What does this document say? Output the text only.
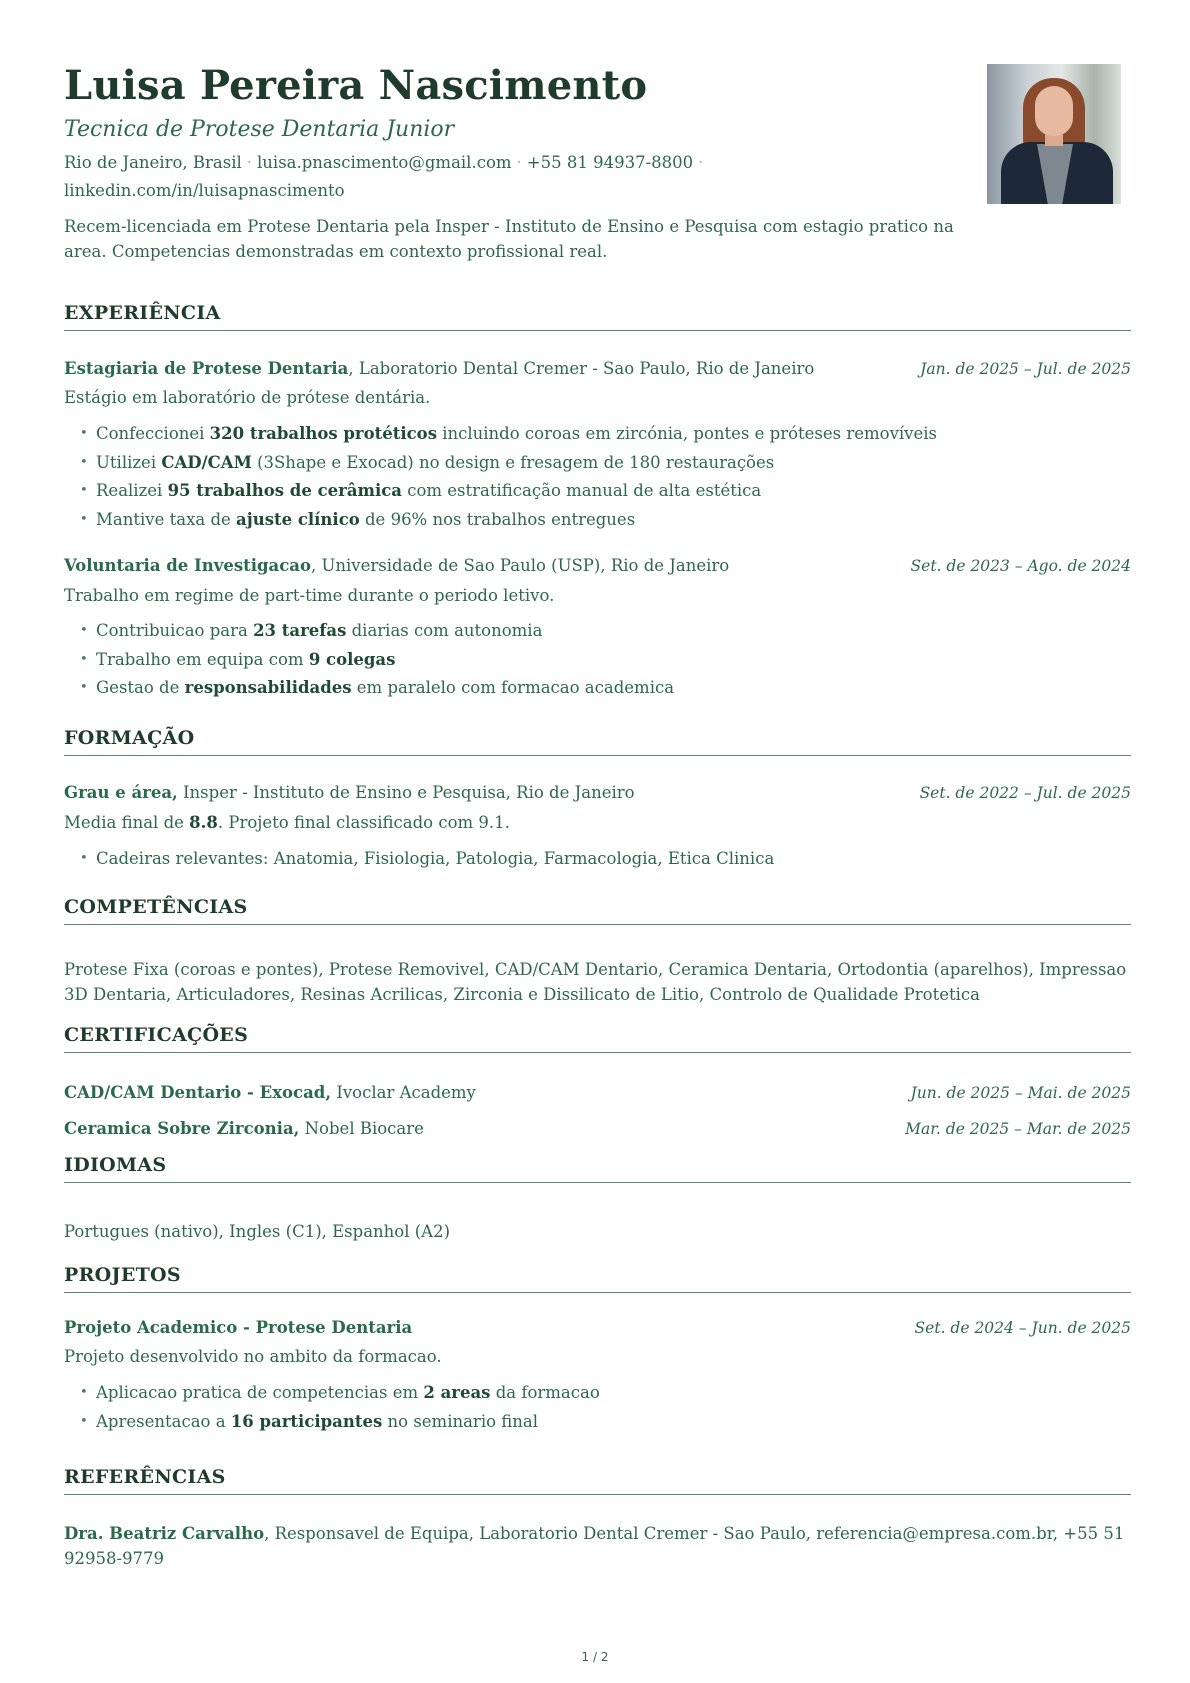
Luisa Pereira Nascimento
Tecnica de Protese Dentaria Junior
Rio de Janeiro, Brasil · luisa.pnascimento@gmail.com · +55 81 94937-8800 ·
linkedin.com/in/luisapnascimento

Recem-licenciada em Protese Dentaria pela Insper - Instituto de Ensino e Pesquisa com estagio pratico na area. Competencias demonstradas em contexto profissional real.

EXPERIÊNCIA
Estagiaria de Protese Dentaria, Laboratorio Dental Cremer - Sao Paulo, Rio de Janeiro	Jan. de 2025 – Jul. de 2025

Estágio em laboratório de prótese dentária.

• Confeccionei 320 trabalhos protéticos incluindo coroas em zircónia, pontes e próteses removíveis
• Utilizei CAD/CAM (3Shape e Exocad) no design e fresagem de 180 restaurações
• Realizei 95 trabalhos de cerâmica com estratificação manual de alta estética
• Mantive taxa de ajuste clínico de 96% nos trabalhos entregues
Voluntaria de Investigacao, Universidade de Sao Paulo (USP), Rio de Janeiro	Set. de 2023 – Ago. de 2024

Trabalho em regime de part-time durante o periodo letivo.

• Contribuicao para 23 tarefas diarias com autonomia
• Trabalho em equipa com 9 colegas
• Gestao de responsabilidades em paralelo com formacao academica
FORMAÇÃO
Grau e área, Insper - Instituto de Ensino e Pesquisa, Rio de Janeiro	Set. de 2022 – Jul. de 2025

Media final de 8.8. Projeto final classificado com 9.1.

• Cadeiras relevantes: Anatomia, Fisiologia, Patologia, Farmacologia, Etica Clinica
COMPETÊNCIAS

Protese Fixa (coroas e pontes), Protese Removivel, CAD/CAM Dentario, Ceramica Dentaria, Ortodontia (aparelhos), Impressao 3D Dentaria, Articuladores, Resinas Acrilicas, Zirconia e Dissilicato de Litio, Controlo de Qualidade Protetica

CERTIFICAÇÕES
CAD/CAM Dentario - Exocad, Ivoclar Academy	Jun. de 2025 – Mai. de 2025
Ceramica Sobre Zirconia, Nobel Biocare	Mar. de 2025 – Mar. de 2025
IDIOMAS

Portugues (nativo), Ingles (C1), Espanhol (A2)

PROJETOS
Projeto Academico - Protese Dentaria	Set. de 2024 – Jun. de 2025

Projeto desenvolvido no ambito da formacao.

• Aplicacao pratica de competencias em 2 areas da formacao
• Apresentacao a 16 participantes no seminario final
REFERÊNCIAS

Dra. Beatriz Carvalho, Responsavel de Equipa, Laboratorio Dental Cremer - Sao Paulo, referencia@empresa.com.br, +55 51 92958-9779

1 / 2
